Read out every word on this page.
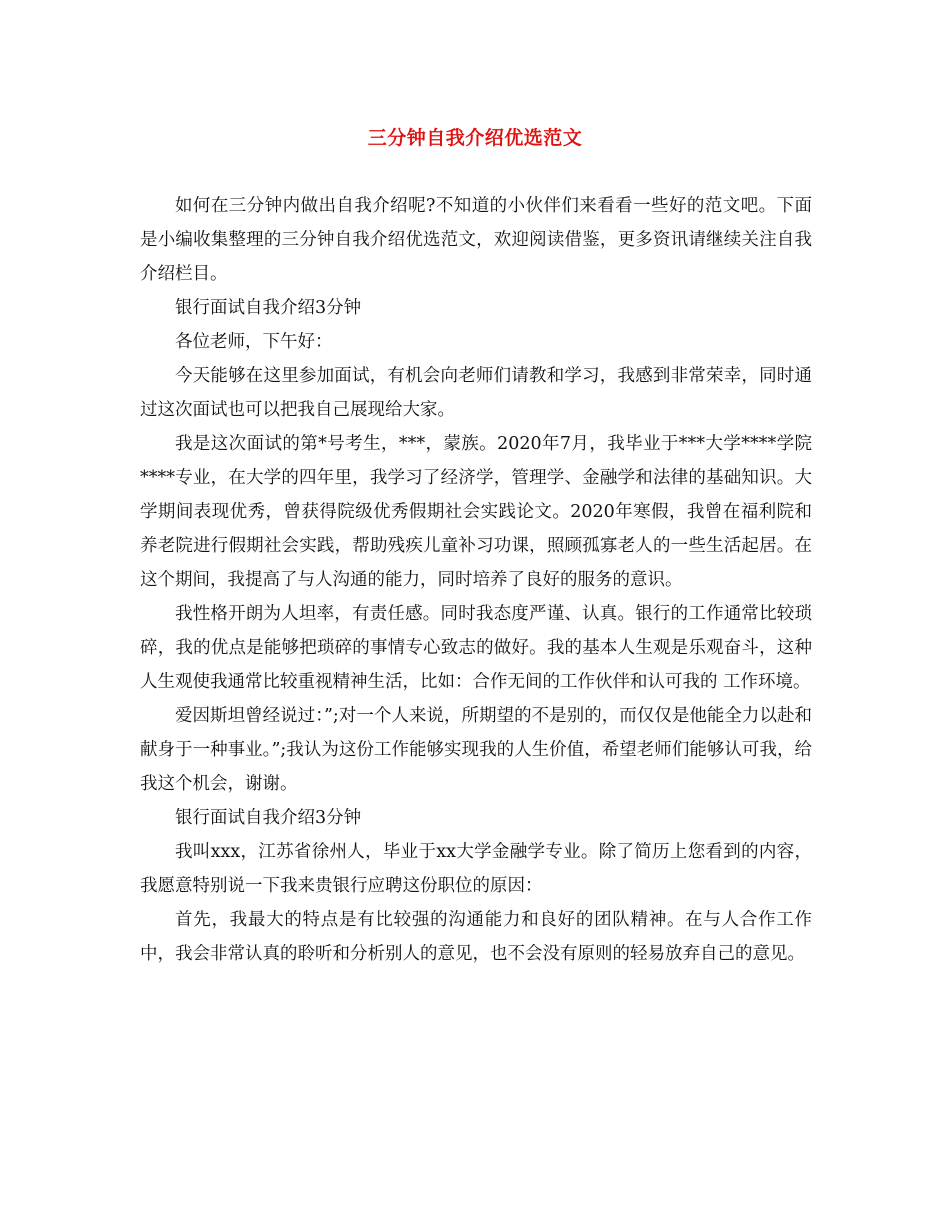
三分钟自我介绍优选范文

如何在三分钟内做出自我介绍呢?不知道的小伙伴们来看看一些好的范文吧。下面是小编收集整理的三分钟自我介绍优选范文，欢迎阅读借鉴，更多资讯请继续关注自我介绍栏目。

银行面试自我介绍3分钟

各位老师，下午好：

今天能够在这里参加面试，有机会向老师们请教和学习，我感到非常荣幸，同时通过这次面试也可以把我自己展现给大家。

我是这次面试的第*号考生，***，蒙族。2020年7月，我毕业于***大学****学院****专业，在大学的四年里，我学习了经济学，管理学、金融学和法律的基础知识。大学期间表现优秀，曾获得院级优秀假期社会实践论文。2020年寒假，我曾在福利院和养老院进行假期社会实践，帮助残疾儿童补习功课，照顾孤寡老人的一些生活起居。在这个期间，我提高了与人沟通的能力，同时培养了良好的服务的意识。

我性格开朗为人坦率，有责任感。同时我态度严谨、认真。银行的工作通常比较琐碎，我的优点是能够把琐碎的事情专心致志的做好。我的基本人生观是乐观奋斗，这种人生观使我通常比较重视精神生活，比如：合作无间的工作伙伴和认可我的 工作环境。

爱因斯坦曾经说过：”;对一个人来说，所期望的不是别的，而仅仅是他能全力以赴和献身于一种事业。”;我认为这份工作能够实现我的人生价值，希望老师们能够认可我，给我这个机会，谢谢。

银行面试自我介绍3分钟

我叫xxx，江苏省徐州人，毕业于xx大学金融学专业。除了简历上您看到的内容，我愿意特别说一下我来贵银行应聘这份职位的原因：

首先，我最大的特点是有比较强的沟通能力和良好的团队精神。在与人合作工作中，我会非常认真的聆听和分析别人的意见，也不会没有原则的轻易放弃自己的意见。
